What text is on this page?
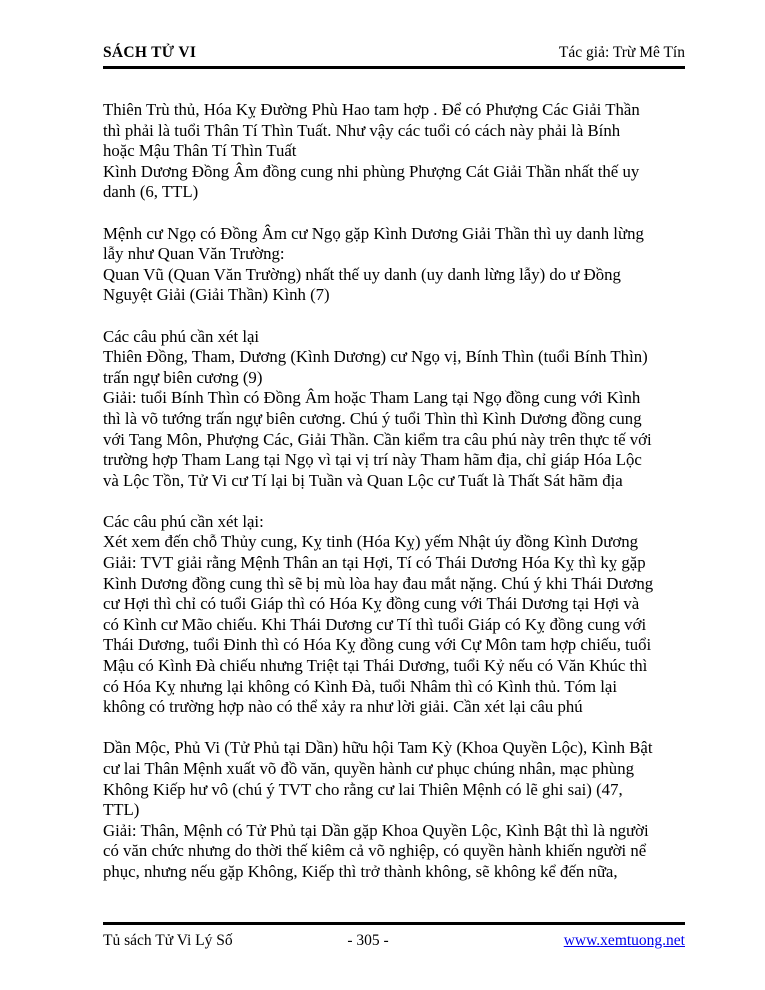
SÁCH TỬ VI	Tác giả: Trừ Mê Tín
Thiên Trù thủ, Hóa Kỵ Đường Phù Hao tam hợp . Để có Phượng Các Giải Thần
thì phải là tuổi Thân Tí Thìn Tuất. Như vậy các tuổi có cách này phải là Bính
hoặc Mậu Thân Tí Thìn Tuất
Kình Dương Đồng Âm đồng cung nhi phùng Phượng Cát Giải Thần nhất thế uy
danh (6, TTL)
Mệnh cư Ngọ có Đồng Âm cư Ngọ gặp Kình Dương Giải Thần thì uy danh lừng
lẫy như Quan Văn Trường:
Quan Vũ (Quan Văn Trường) nhất thế uy danh (uy danh lừng lẫy) do ư Đồng
Nguyệt Giải (Giải Thần) Kình (7)
Các câu phú cần xét lại
Thiên Đồng, Tham, Dương (Kình Dương) cư Ngọ vị, Bính Thìn (tuổi Bính Thìn)
trấn ngự biên cương (9)
Giải: tuổi Bính Thìn có Đồng Âm hoặc Tham Lang tại Ngọ đồng cung với Kình
thì là võ tướng trấn ngự biên cương. Chú ý tuổi Thìn thì Kình Dương đồng cung
với Tang Môn, Phượng Các, Giải Thần. Cần kiểm tra câu phú này trên thực tế với
trường hợp Tham Lang tại Ngọ vì tại vị trí này Tham hãm địa, chỉ giáp Hóa Lộc
và Lộc Tồn, Tử Vi cư Tí lại bị Tuần và Quan Lộc cư Tuất là Thất Sát hãm địa
Các câu phú cần xét lại:
Xét xem đến chỗ Thủy cung, Kỵ tinh (Hóa Kỵ) yếm Nhật úy đồng Kình Dương
Giải: TVT giải rằng Mệnh Thân an tại Hợi, Tí có Thái Dương Hóa Kỵ thì kỵ gặp
Kình Dương đồng cung thì sẽ bị mù lòa hay đau mắt nặng. Chú ý khi Thái Dương
cư Hợi thì chỉ có tuổi Giáp thì có Hóa Kỵ đồng cung với Thái Dương tại Hợi và
có Kình cư Mão chiếu. Khi Thái Dương cư Tí thì tuổi Giáp có Kỵ đồng cung với
Thái Dương, tuổi Đinh thì có Hóa Kỵ đồng cung với Cự Môn tam hợp chiếu, tuổi
Mậu có Kình Đà chiếu nhưng Triệt tại Thái Dương, tuổi Kỷ nếu có Văn Khúc thì
có Hóa Kỵ nhưng lại không có Kình Đà, tuổi Nhâm thì có Kình thủ. Tóm lại
không có trường hợp nào có thể xảy ra như lời giải. Cần xét lại câu phú
Dần Mộc, Phủ Vi (Tử Phủ tại Dần) hữu hội Tam Kỳ (Khoa Quyền Lộc), Kình Bật
cư lai Thân Mệnh xuất võ đồ văn, quyền hành cư phục chúng nhân, mạc phùng
Không Kiếp hư vô (chú ý TVT cho rằng cư lai Thiên Mệnh có lẽ ghi sai) (47,
TTL)
Giải: Thân, Mệnh có Tử Phủ tại Dần gặp Khoa Quyền Lộc, Kình Bật thì là người
có văn chức nhưng do thời thế kiêm cả võ nghiệp, có quyền hành khiến người nể
phục, nhưng nếu gặp Không, Kiếp thì trở thành không, sẽ không kể đến nữa,
Tủ sách Tử Vi Lý Số	- 305 -	www.xemtuong.net
